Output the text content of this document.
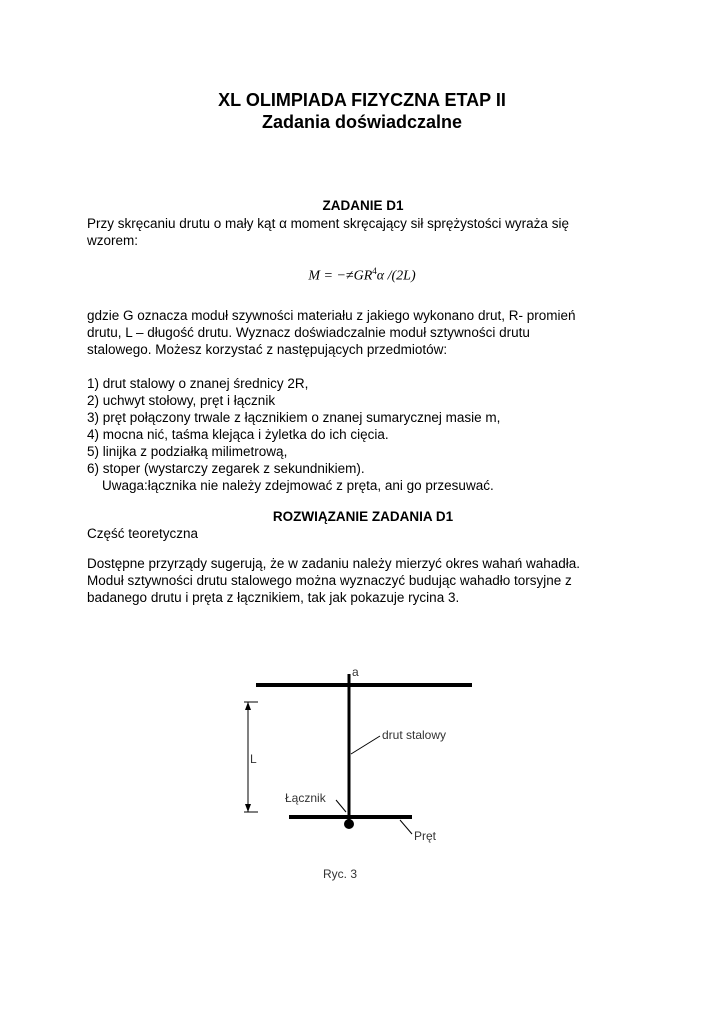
XL OLIMPIADA FIZYCZNA ETAP II
Zadania doświadczalne
ZADANIE D1

Przy skręcaniu drutu o mały kąt α moment skręcający sił sprężystości wyraża się

wzorem:

$M = -\ne GR^4\alpha$ /(2L)

gdzie G oznacza moduł szywności materiału z jakiego wykonano drut, R- promień

drutu, L – długość drutu. Wyznacz doświadczalnie moduł sztywności drutu

stalowego. Możesz korzystać z następujących przedmiotów:

1) drut stalowy o znanej średnicy 2R,
2) uchwyt stołowy, pręt i łącznik
3) pręt połączony trwale z łącznikiem o znanej sumarycznej masie m,
4) mocna nić, taśma klejąca i żyletka do ich cięcia.
5) linijka z podziałką milimetrową,
6) stoper (wystarczy zegarek z sekundnikiem).
Uwaga:łącznika nie należy zdejmować z pręta, ani go przesuwać.
ROZWIĄZANIE ZADANIA D1
Część teoretyczna

Dostępne przyrządy sugerują, że w zadaniu należy mierzyć okres wahań wahadła.

Moduł sztywności drutu stalowego można wyznaczyć budując wahadło torsyjne z

badanego drutu i pręta z łącznikiem, tak jak pokazuje rycina 3.

a
L
drut stalowy
Łącznik
Pręt
Ryc. 3
